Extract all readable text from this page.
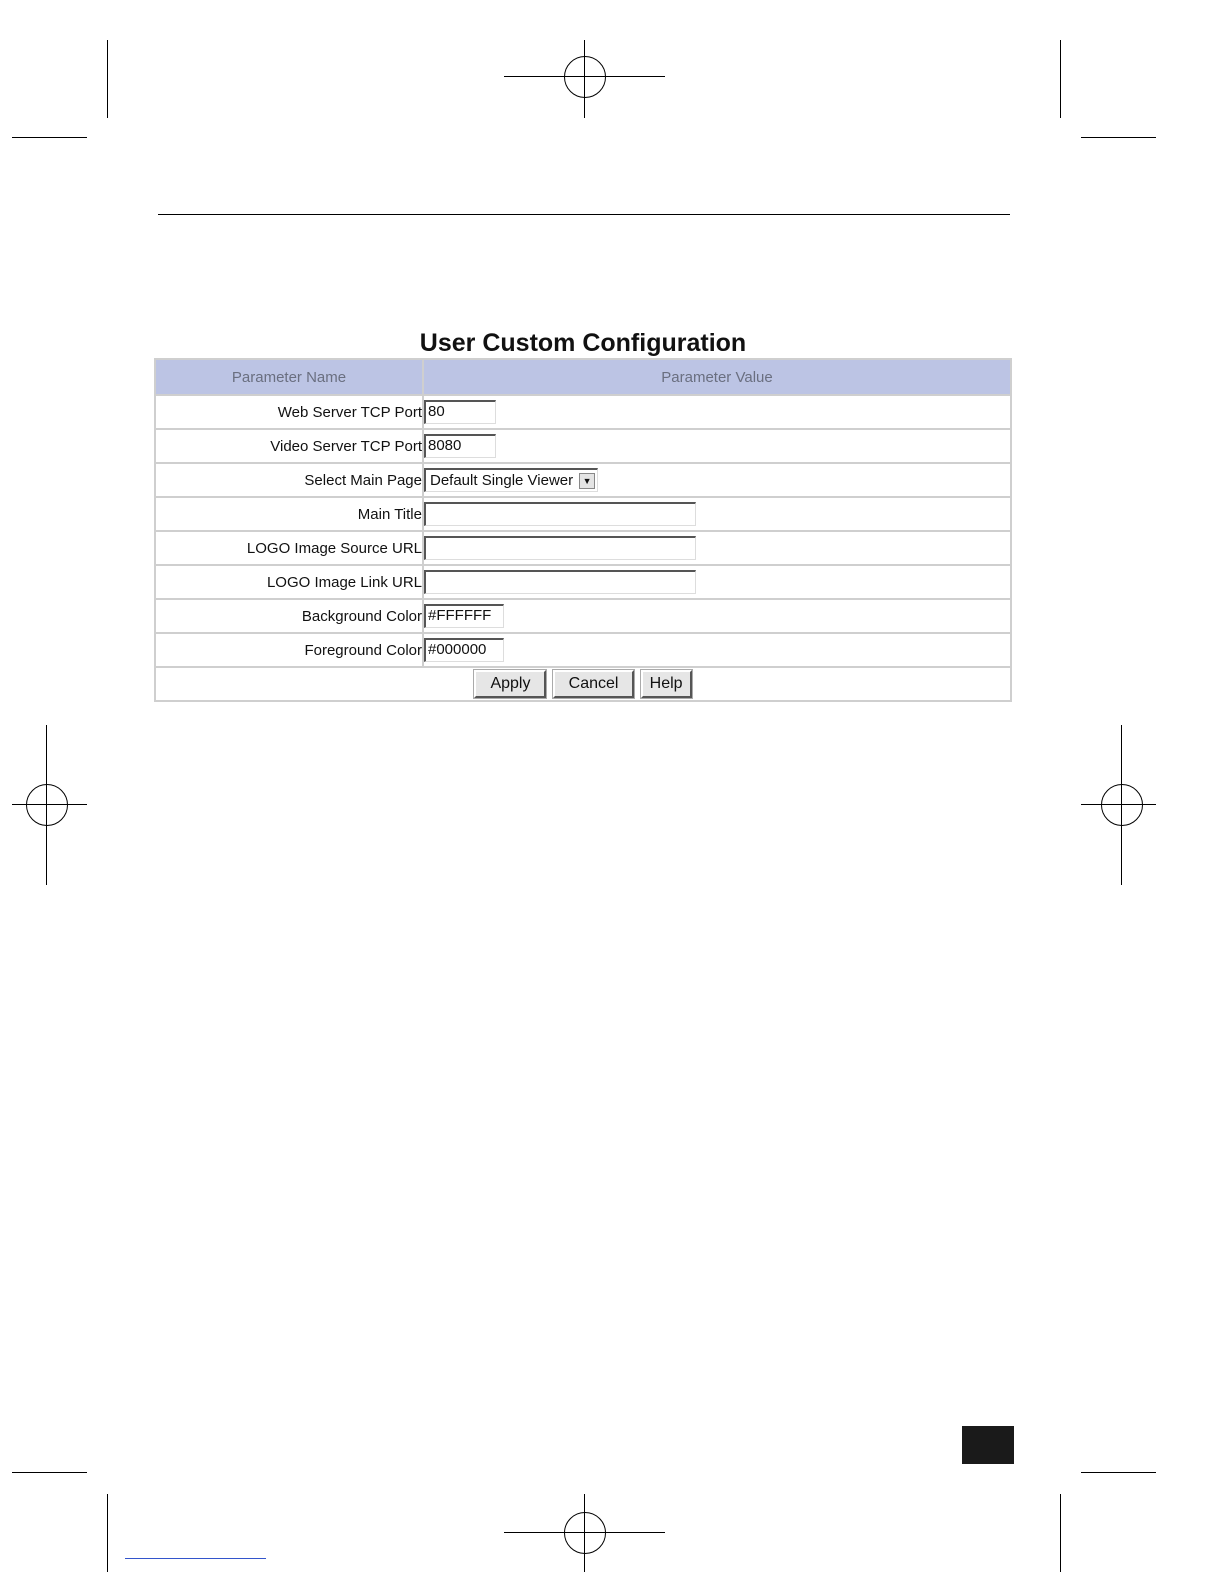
User Custom Configuration
Parameter Name	Parameter Value
Web Server TCP Port	80
Video Server TCP Port	8080
Select Main Page	Default Single Viewer ▼

Main Title	
LOGO Image Source URL	
LOGO Image Link URL	
Background Color	#FFFFFF
Foreground Color	#000000
Apply Cancel Help	
